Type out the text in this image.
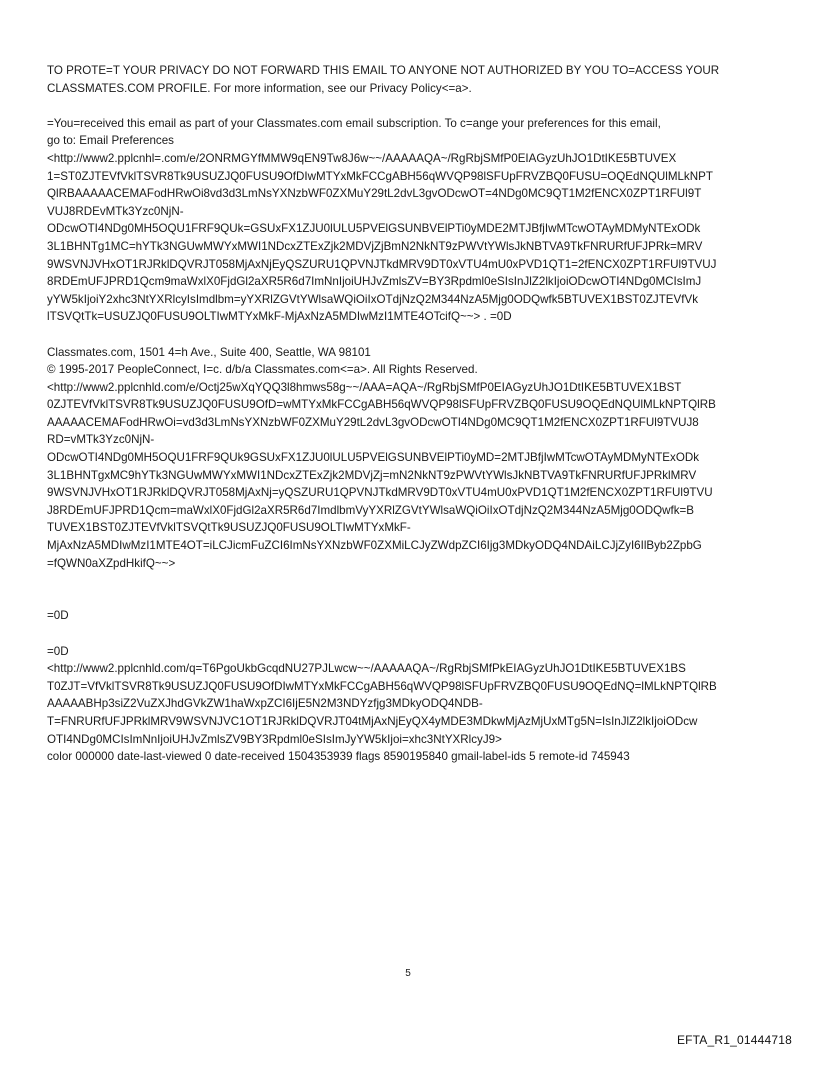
TO PROTE=T YOUR PRIVACY DO NOT FORWARD THIS EMAIL TO ANYONE NOT AUTHORIZED BY YOU TO=ACCESS YOUR
CLASSMATES.COM PROFILE. For more information, see our Privacy Policy<=a>.
=You=received this email as part of your Classmates.com email subscription. To c=ange your preferences for this email,
go to: Email Preferences
<http://www2.pplcnhl=.com/e/2ONRMGYfMMW9qEN9Tw8J6w~~/AAAAAQA~/RgRbjSMfP0EIAGyzUhJO1DtIKE5BTUVEX
1=ST0ZJTEVfVklTSVR8Tk9USUZJQ0FUSU9OfDIwMTYxMkFCCgABH56qWVQP98lSFUpFRVZBQ0FUSU=OQEdNQUlMLkNPT
QlRBAAAAACEMAFodHRwOi8vd3d3LmNsYXNzbWF0ZXMuY29tL2dvL3gvODcwOT=4NDg0MC9QT1M2fENCX0ZPT1RFUl9T
VUJ8RDEvMTk3Yzc0NjN-
ODcwOTI4NDg0MH5OQU1FRF9QUk=GSUxFX1ZJU0lULU5PVElGSUNBVElPTi0yMDE2MTJBfjIwMTcwOTAyMDMyNTExODk
3L1BHNTg1MC=hYTk3NGUwMWYxMWI1NDcxZTExZjk2MDVjZjBmN2NkNT9zPWVtYWlsJkNBTVA9TkFNRURfUFJPRk=MRV
9WSVNJVHxOT1RJRklDQVRJT058MjAxNjEyQSZURU1QPVNJTkdMRV9DT0xVTU4mU0xPVD1QT1=2fENCX0ZPT1RFUl9TVUJ
8RDEmUFJPRD1Qcm9maWxlX0FjdGl2aXR5R6d7ImNnIjoiUHJvZmlsZV=BY3Rpdml0eSIsInJlZ2lkIjoiODcwOTI4NDg0MCIsImJ
yYW5kIjoiY2xhc3NtYXRlcyIsImdlbm=yYXRlZGVtYWlsaWQiOiIxOTdjNzQ2M344NzA5Mjg0ODQwfk5BTUVEX1BST0ZJTEVfVk
lTSVQtTk=USUZJQ0FUSU9OLTIwMTYxMkF-MjAxNzA5MDIwMzI1MTE4OTcifQ~~> . =0D
Classmates.com, 1501 4=h Ave., Suite 400, Seattle, WA 98101
© 1995-2017 PeopleConnect, I=c. d/b/a Classmates.com<=a>. All Rights Reserved.
<http://www2.pplcnhld.com/e/Octj25wXqYQQ3l8hmws58g~~/AAA=AQA~/RgRbjSMfP0EIAGyzUhJO1DtIKE5BTUVEX1BST
0ZJTEVfVklTSVR8Tk9USUZJQ0FUSU9OfD=wMTYxMkFCCgABH56qWVQP98lSFUpFRVZBQ0FUSU9OQEdNQUlMLkNPTQlRB
AAAAACEMAFodHRwOi=vd3d3LmNsYXNzbWF0ZXMuY29tL2dvL3gvODcwOTI4NDg0MC9QT1M2fENCX0ZPT1RFUl9TVUJ8
RD=vMTk3Yzc0NjN-
ODcwOTI4NDg0MH5OQU1FRF9QUk9GSUxFX1ZJU0lULU5PVElGSUNBVElPTi0yMD=2MTJBfjIwMTcwOTAyMDMyNTExODk
3L1BHNTgxMC9hYTk3NGUwMWYxMWI1NDcxZTExZjk2MDVjZj=mN2NkNT9zPWVtYWlsJkNBTVA9TkFNRURfUFJPRklMRV
9WSVNJVHxOT1RJRklDQVRJT058MjAxNj=yQSZURU1QPVNJTkdMRV9DT0xVTU4mU0xPVD1QT1M2fENCX0ZPT1RFUl9TVU
J8RDEmUFJPRD1Qcm=maWxlX0FjdGl2aXR5R6d7ImdlbmVyYXRlZGVtYWlsaWQiOiIxOTdjNzQ2M344NzA5Mjg0ODQwfk=B
TUVEX1BST0ZJTEVfVklTSVQtTk9USUZJQ0FUSU9OLTIwMTYxMkF-
MjAxNzA5MDIwMzI1MTE4OT=iLCJicmFuZCI6ImNsYXNzbWF0ZXMiLCJyZWdpZCI6Ijg3MDkyODQ4NDAiLCJjZyI6IlByb2ZpbG
=fQWN0aXZpdHkifQ~~>
=0D
=0D
<http://www2.pplcnhld.com/q=T6PgoUkbGcqdNU27PJLwcw~~/AAAAAQA~/RgRbjSMfPkEIAGyzUhJO1DtIKE5BTUVEX1BS
T0ZJT=VfVklTSVR8Tk9USUZJQ0FUSU9OfDIwMTYxMkFCCgABH56qWVQP98lSFUpFRVZBQ0FUSU9OQEdNQ=lMLkNPTQlRB
AAAAABHp3siZ2VuZXJhdGVkZW1haWxpZCI6IjE5N2M3NDYzfjg3MDkyODQ4NDB-
T=FNRURfUFJPRklMRV9WSVNJVC1OT1RJRklDQVRJT04tMjAxNjEyQX4yMDE3MDkwMjAzMjUxMTg5N=IsInJlZ2lkIjoiODcw
OTI4NDg0MCIsImNnIjoiUHJvZmlsZV9BY3Rpdml0eSIsImJyYW5kIjoi=xhc3NtYXRlcyJ9>
color 000000 date-last-viewed 0 date-received 1504353939 flags 8590195840 gmail-label-ids 5 remote-id 745943
5
EFTA_R1_01444718
